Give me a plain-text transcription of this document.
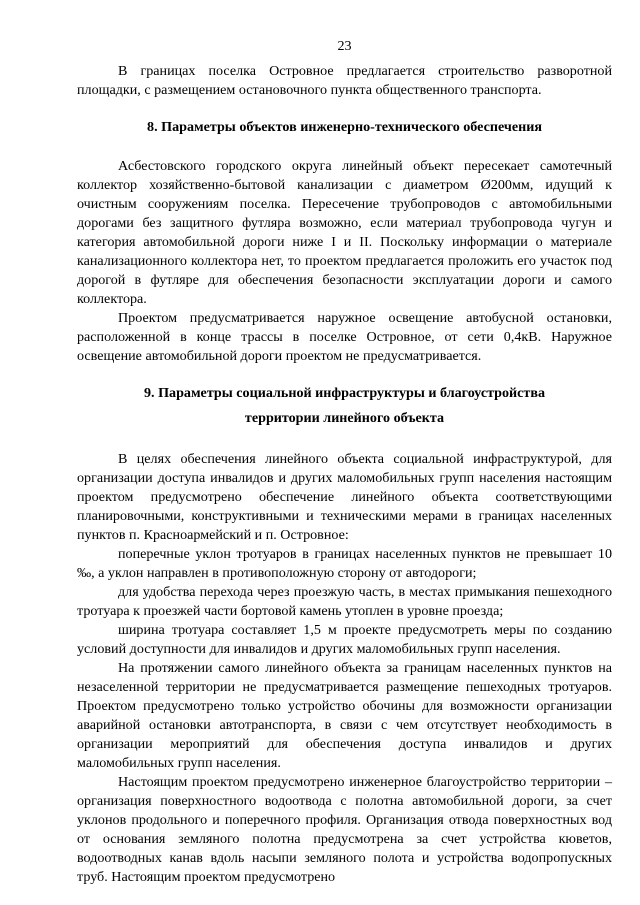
23

В границах поселка Островное предлагается строительство разворотной площадки, с размещением остановочного пункта общественного транспорта.

8. Параметры объектов инженерно-технического обеспечения

Асбестовского городского округа линейный объект пересекает самотечный коллектор хозяйственно-бытовой канализации с диаметром Ø200мм, идущий к очистным сооружениям поселка. Пересечение трубопроводов с автомобильными дорогами без защитного футляра возможно, если материал трубопровода чугун и категория автомобильной дороги ниже I и II. Поскольку информации о материале канализационного коллектора нет, то проектом предлагается проложить его участок под дорогой в футляре для обеспечения безопасности эксплуатации дороги и самого коллектора.

Проектом предусматривается наружное освещение автобусной остановки, расположенной в конце трассы в поселке Островное, от сети 0,4кВ. Наружное освещение автомобильной дороги проектом не предусматривается.

9. Параметры социальной инфраструктуры и благоустройства
территории линейного объекта

В целях обеспечения линейного объекта социальной инфраструктурой, для организации доступа инвалидов и других маломобильных групп населения настоящим проектом предусмотрено обеспечение линейного объекта соответствующими планировочными, конструктивными и техническими мерами в границах населенных пунктов п. Красноармейский и п. Островное:

поперечные уклон тротуаров в границах населенных пунктов не превышает 10 ‰, а уклон направлен в противоположную сторону от автодороги;

для удобства перехода через проезжую часть, в местах примыкания пешеходного тротуара к проезжей части бортовой камень утоплен в уровне проезда;

ширина тротуара составляет 1,5 м проекте предусмотреть меры по созданию условий доступности для инвалидов и других маломобильных групп населения.

На протяжении самого линейного объекта за границам населенных пунктов на незаселенной территории не предусматривается размещение пешеходных тротуаров. Проектом предусмотрено только устройство обочины для возможности организации аварийной остановки автотранспорта, в связи с чем отсутствует необходимость в организации мероприятий для обеспечения доступа инвалидов и других маломобильных групп населения.

Настоящим проектом предусмотрено инженерное благоустройство территории – организация поверхностного водоотвода с полотна автомобильной дороги, за счет уклонов продольного и поперечного профиля. Организация отвода поверхностных вод от основания земляного полотна предусмотрена за счет устройства кюветов, водоотводных канав вдоль насыпи земляного полота и устройства водопропускных труб. Настоящим проектом предусмотрено
